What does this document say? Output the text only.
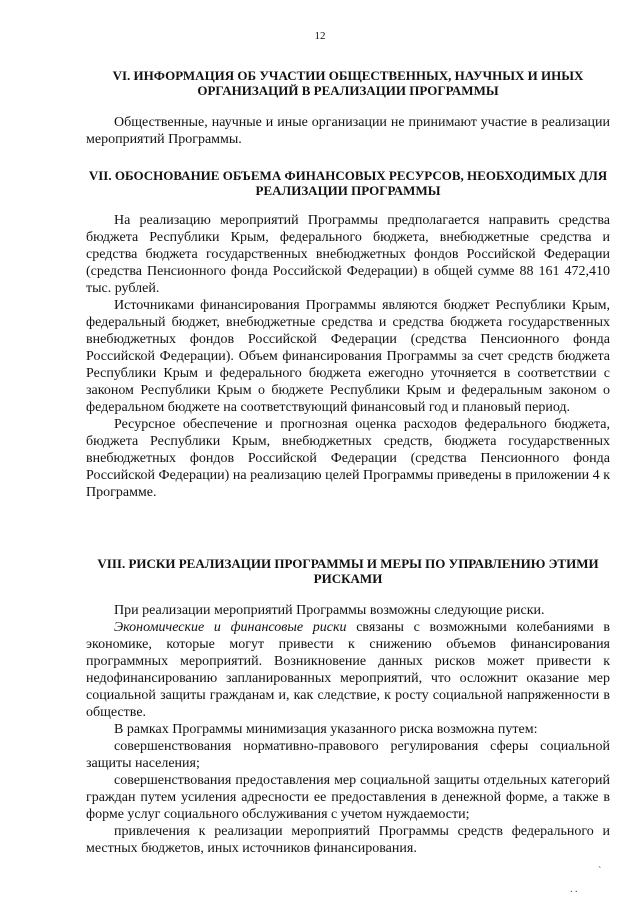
12
VI. ИНФОРМАЦИЯ ОБ УЧАСТИИ ОБЩЕСТВЕННЫХ, НАУЧНЫХ И ИНЫХ ОРГАНИЗАЦИЙ В РЕАЛИЗАЦИИ ПРОГРАММЫ

Общественные, научные и иные организации не принимают участие в реализации мероприятий Программы.

VII. ОБОСНОВАНИЕ ОБЪЕМА ФИНАНСОВЫХ РЕСУРСОВ, НЕОБХОДИМЫХ ДЛЯ РЕАЛИЗАЦИИ ПРОГРАММЫ

На реализацию мероприятий Программы предполагается направить средства бюджета Республики Крым, федерального бюджета, внебюджетные средства и средства бюджета государственных внебюджетных фондов Российской Федерации (средства Пенсионного фонда Российской Федерации) в общей сумме 88 161 472,410 тыс. рублей.

Источниками финансирования Программы являются бюджет Республики Крым, федеральный бюджет, внебюджетные средства и средства бюджета государственных внебюджетных фондов Российской Федерации (средства Пенсионного фонда Российской Федерации). Объем финансирования Программы за счет средств бюджета Республики Крым и федерального бюджета ежегодно уточняется в соответствии с законом Республики Крым о бюджете Республики Крым и федеральным законом о федеральном бюджете на соответствующий финансовый год и плановый период.

Ресурсное обеспечение и прогнозная оценка расходов федерального бюджета, бюджета Республики Крым, внебюджетных средств, бюджета государственных внебюджетных фондов Российской Федерации (средства Пенсионного фонда Российской Федерации) на реализацию целей Программы приведены в приложении 4 к Программе.

VIII. РИСКИ РЕАЛИЗАЦИИ ПРОГРАММЫ И МЕРЫ ПО УПРАВЛЕНИЮ ЭТИМИ РИСКАМИ

При реализации мероприятий Программы возможны следующие риски.

Экономические и финансовые риски связаны с возможными колебаниями в экономике, которые могут привести к снижению объемов финансирования программных мероприятий. Возникновение данных рисков может привести к недофинансированию запланированных мероприятий, что осложнит оказание мер социальной защиты гражданам и, как следствие, к росту социальной напряженности в обществе.

В рамках Программы минимизация указанного риска возможна путем:

совершенствования нормативно-правового регулирования сферы социальной защиты населения;

совершенствования предоставления мер социальной защиты отдельных категорий граждан путем усиления адресности ее предоставления в денежной форме, а также в форме услуг социального обслуживания с учетом нуждаемости;

привлечения к реализации мероприятий Программы средств федерального и местных бюджетов, иных источников финансирования.

ˋ
. .
